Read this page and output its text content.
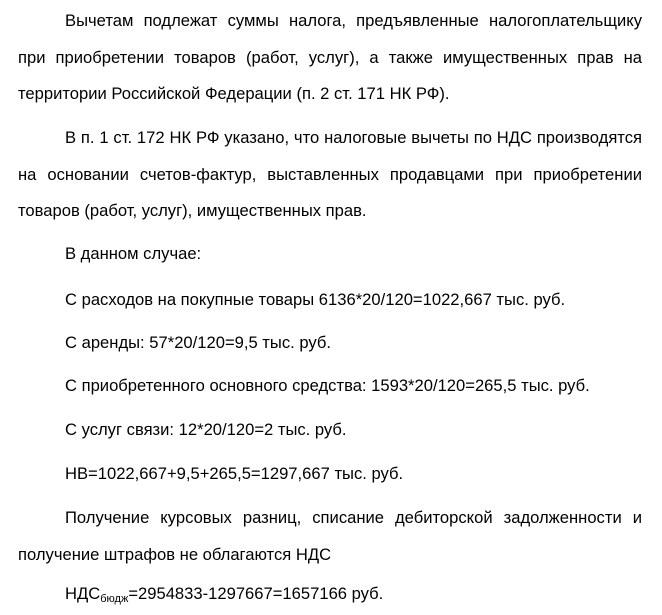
Вычетам подлежат суммы налога, предъявленные налогоплательщику при приобретении товаров (работ, услуг), а также имущественных прав на территории Российской Федерации (п. 2 ст. 171 НК РФ).

В п. 1 ст. 172 НК РФ указано, что налоговые вычеты по НДС производятся на основании счетов-фактур, выставленных продавцами при приобретении товаров (работ, услуг), имущественных прав.

В данном случае:

С расходов на покупные товары 6136*20/120=1022,667 тыс. руб.

С аренды: 57*20/120=9,5 тыс. руб.

С приобретенного основного средства: 1593*20/120=265,5 тыс. руб.

С услуг связи: 12*20/120=2 тыс. руб.

НВ=1022,667+9,5+265,5=1297,667 тыс. руб.

Получение курсовых разниц, списание дебиторской задолженности и получение штрафов не облагаются НДС

НДСбюдж=2954833-1297667=1657166 руб.
